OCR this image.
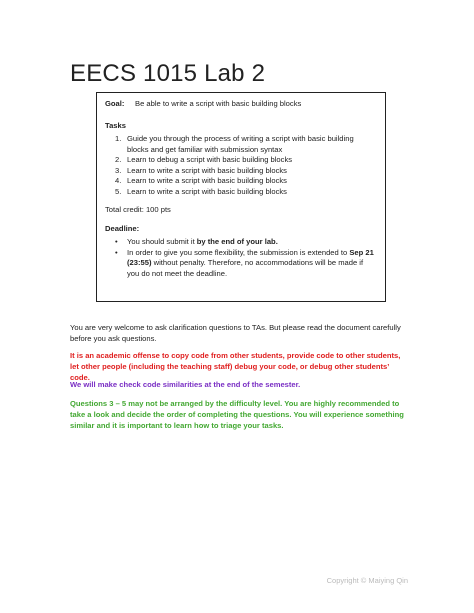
EECS 1015 Lab 2
Goal:	Be able to write a script with basic building blocks
Tasks
1. Guide you through the process of writing a script with basic building blocks and get familiar with submission syntax
2. Learn to debug a script with basic building blocks
3. Learn to write a script with basic building blocks
4. Learn to write a script with basic building blocks
5. Learn to write a script with basic building blocks
Total credit: 100 pts
Deadline:
•	You should submit it by the end of your lab.
•	In order to give you some flexibility, the submission is extended to Sep 21 (23:55) without penalty. Therefore, no accommodations will be made if you do not meet the deadline.
You are very welcome to ask clarification questions to TAs. But please read the document carefully before you ask questions.
It is an academic offense to copy code from other students, provide code to other students, let other people (including the teaching staff) debug your code, or debug other students’ code.
We will make check code similarities at the end of the semester.
Questions 3 – 5 may not be arranged by the difficulty level. You are highly recommended to take a look and decide the order of completing the questions. You will experience something similar and it is important to learn how to triage your tasks.
Copyright © Maiying Qin
